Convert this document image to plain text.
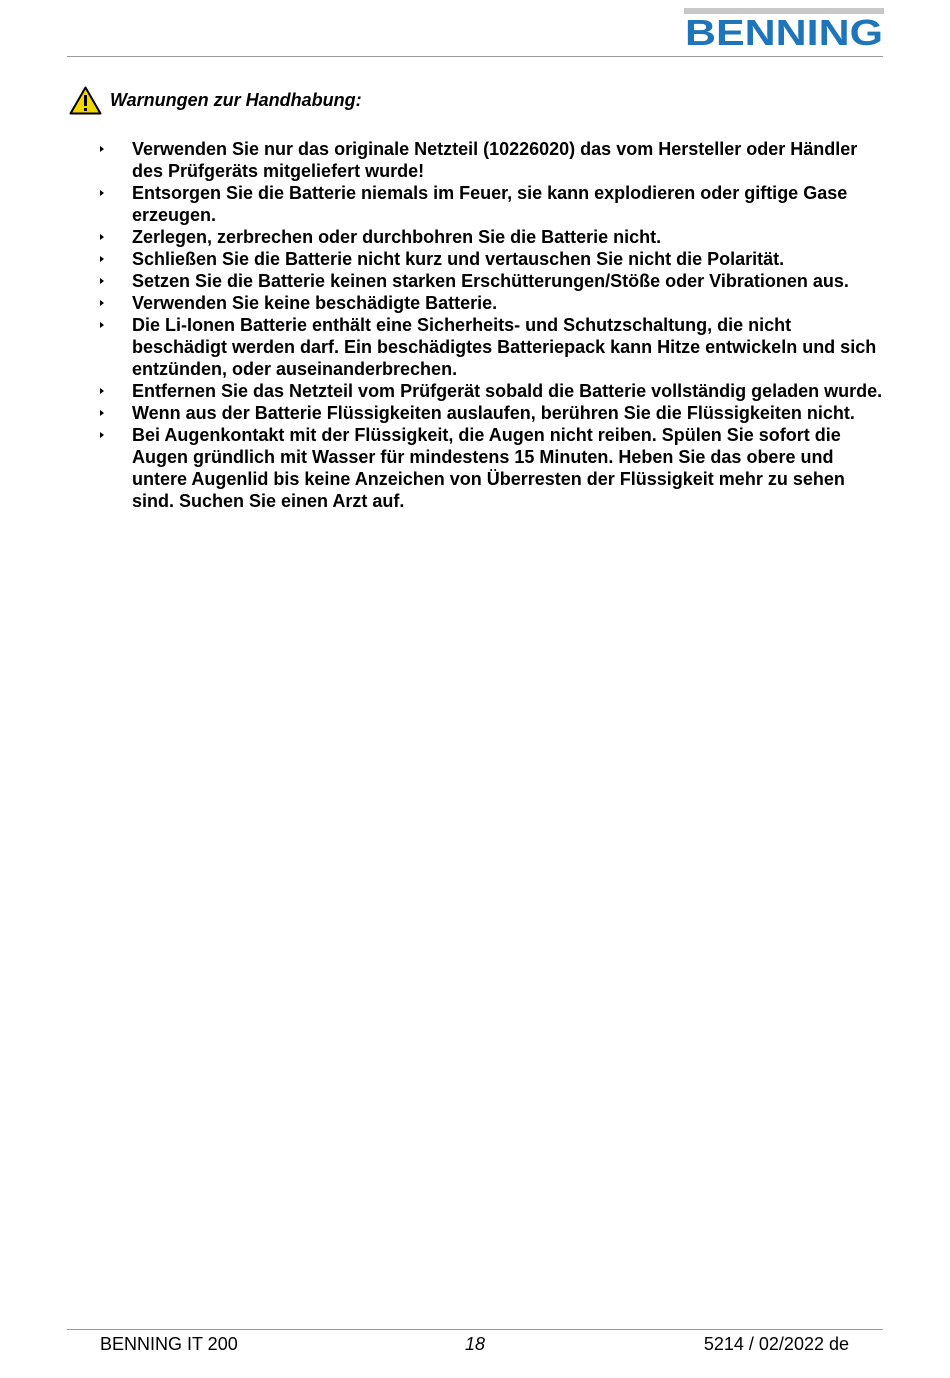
BENNING
Warnungen zur Handhabung:
Verwenden Sie nur das originale Netzteil (10226020) das vom Hersteller oder Händler des Prüfgeräts mitgeliefert wurde!
Entsorgen Sie die Batterie niemals im Feuer, sie kann explodieren oder giftige Gase erzeugen.
Zerlegen, zerbrechen oder durchbohren Sie die Batterie nicht.
Schließen Sie die Batterie nicht kurz und vertauschen Sie nicht die Polarität.
Setzen Sie die Batterie keinen starken Erschütterungen/Stöße oder Vibrationen aus.
Verwenden Sie keine beschädigte Batterie.
Die Li-Ionen Batterie enthält eine Sicherheits- und Schutzschaltung, die nicht beschädigt werden darf. Ein beschädigtes Batteriepack kann Hitze entwickeln und sich entzünden, oder auseinanderbrechen.
Entfernen Sie das Netzteil vom Prüfgerät sobald die Batterie vollständig geladen wurde.
Wenn aus der Batterie Flüssigkeiten auslaufen, berühren Sie die Flüssigkeiten nicht.
Bei Augenkontakt mit der Flüssigkeit, die Augen nicht reiben. Spülen Sie sofort die Augen gründlich mit Wasser für mindestens 15 Minuten. Heben Sie das obere und untere Augenlid bis keine Anzeichen von Überresten der Flüssigkeit mehr zu sehen sind. Suchen Sie einen Arzt auf.
BENNING IT 200	18	5214 / 02/2022 de
